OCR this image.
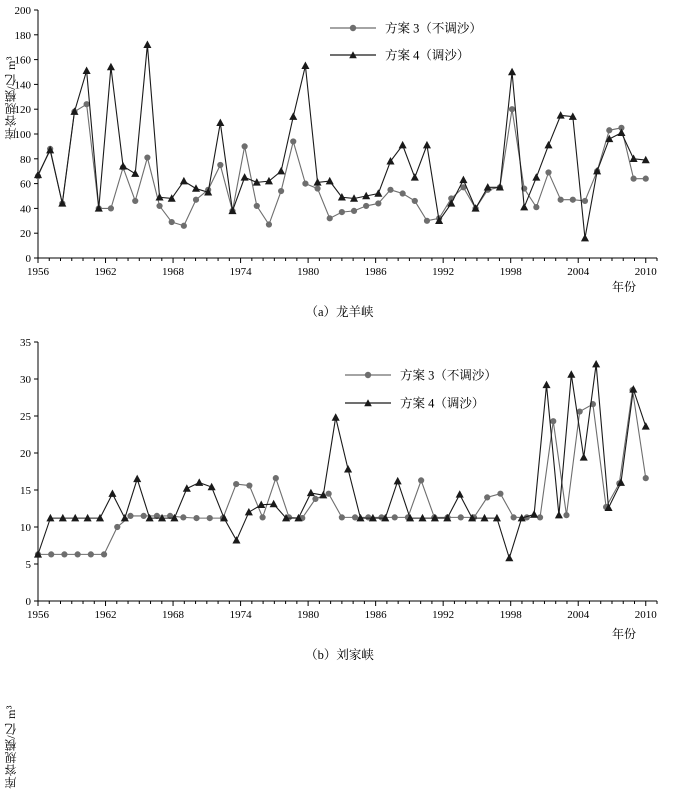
0
20
40
60
80
100
120
140
160
180
200
1956	1962	1968	1974	1980	1986	1992	1998	2004	2010
方案 3（不调沙）
方案 4（调沙）
库容规模/亿 m³
年份
（a）龙羊峡
0
5
10
15
20
25
30
35
1956	1962	1968	1974	1980	1986	1992	1998	2004	2010
方案 3（不调沙）
方案 4（调沙）
库容规模/亿 m³
年份
（b）刘家峡
